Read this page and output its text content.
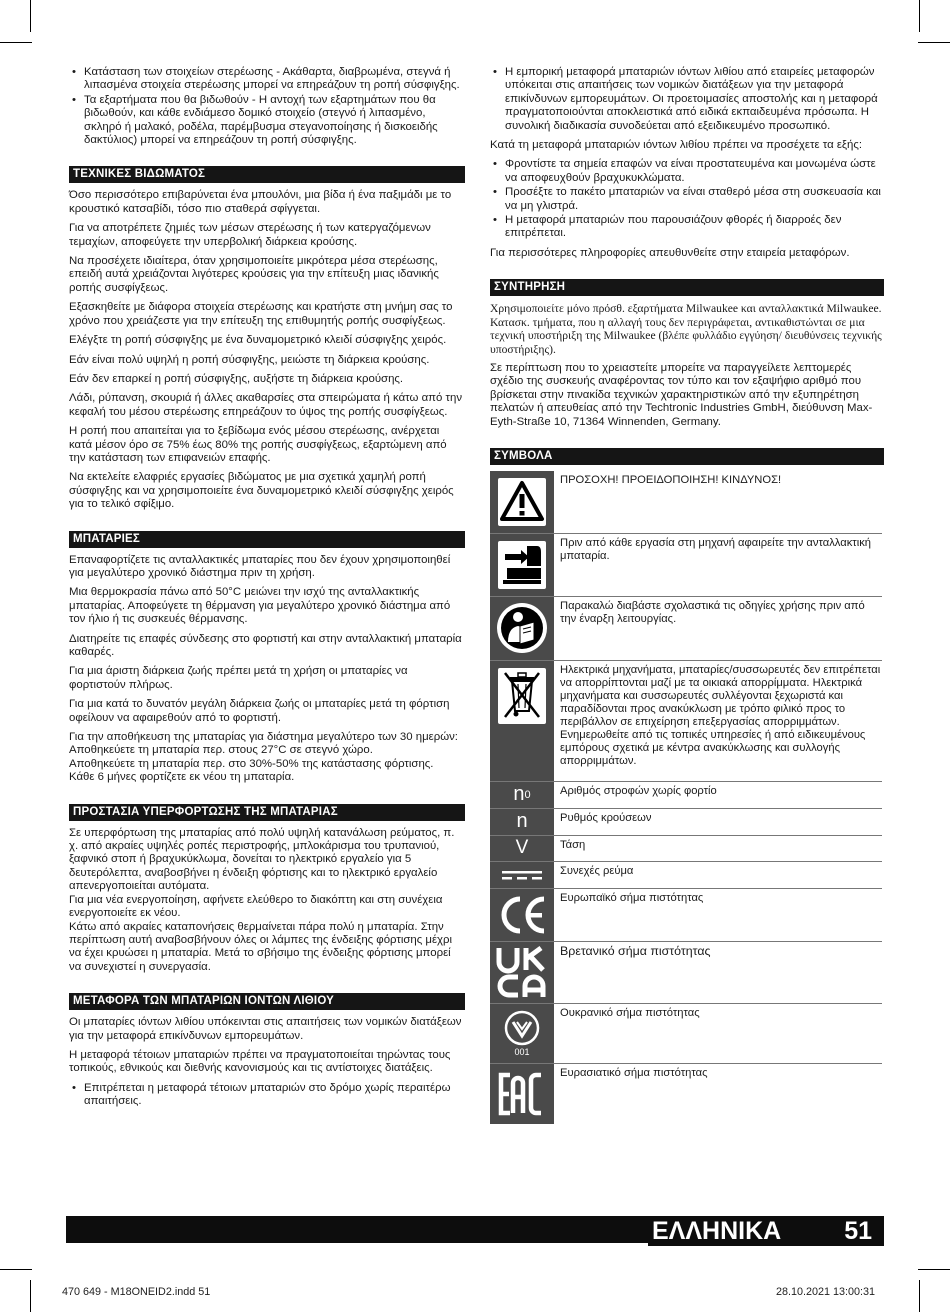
• Κατάσταση των στοιχείων στερέωσης - Ακάθαρτα, διαβρωμένα, στεγνά ή λιπασμένα στοιχεία στερέωσης μπορεί να επηρεάζουν τη ροπή σύσφιγξης.
• Τα εξαρτήματα που θα βιδωθούν - Η αντοχή των εξαρτημάτων που θα βιδωθούν, και κάθε ενδιάμεσο δομικό στοιχείο (στεγνό ή λιπασμένο, σκληρό ή μαλακό, ροδέλα, παρέμβυσμα στεγανοποίησης ή δισκοειδής δακτύλιος) μπορεί να επηρεάζουν τη ροπή σύσφιγξης.
ΤΕΧΝΙΚΕΣ ΒΙΔΩΜΑΤΟΣ

Όσο περισσότερο επιβαρύνεται ένα μπουλόνι, μια βίδα ή ένα παξιμάδι με το κρουστικό κατσαβίδι, τόσο πιο σταθερά σφίγγεται.

Για να αποτρέπετε ζημιές των μέσων στερέωσης ή των κατεργαζόμενων τεμαχίων, αποφεύγετε την υπερβολική διάρκεια κρούσης.

Να προσέχετε ιδιαίτερα, όταν χρησιμοποιείτε μικρότερα μέσα στερέωσης, επειδή αυτά χρειάζονται λιγότερες κρούσεις για την επίτευξη μιας ιδανικής ροπής συσφίγξεως.

Εξασκηθείτε με διάφορα στοιχεία στερέωσης και κρατήστε στη μνήμη σας το χρόνο που χρειάζεστε για την επίτευξη της επιθυμητής ροπής συσφίγξεως.

Ελέγξτε τη ροπή σύσφιγξης με ένα δυναμομετρικό κλειδί σύσφιγξης χειρός.

Εάν είναι πολύ υψηλή η ροπή σύσφιγξης, μειώστε τη διάρκεια κρούσης.

Εάν δεν επαρκεί η ροπή σύσφιγξης, αυξήστε τη διάρκεια κρούσης.

Λάδι, ρύπανση, σκουριά ή άλλες ακαθαρσίες στα σπειρώματα ή κάτω από την κεφαλή του μέσου στερέωσης επηρεάζουν το ύψος της ροπής συσφίγξεως.

Η ροπή που απαιτείται για το ξεβίδωμα ενός μέσου στερέωσης, ανέρχεται κατά μέσον όρο σε 75% έως 80% της ροπής συσφίγξεως, εξαρτώμενη από την κατάσταση των επιφανειών επαφής.

Να εκτελείτε ελαφριές εργασίες βιδώματος με μια σχετικά χαμηλή ροπή σύσφιγξης και να χρησιμοποιείτε ένα δυναμομετρικό κλειδί σύσφιγξης χειρός για το τελικό σφίξιμο.

ΜΠΑΤΑΡΙΕΣ

Επαναφορτίζετε τις ανταλλακτικές μπαταρίες που δεν έχουν χρησιμοποιηθεί για μεγαλύτερο χρονικό διάστημα πριν τη χρήση.

Μια θερμοκρασία πάνω από 50°C μειώνει την ισχύ της ανταλλακτικής μπαταρίας. Αποφεύγετε τη θέρμανση για μεγαλύτερο χρονικό διάστημα από τον ήλιο ή τις συσκευές θέρμανσης.

Διατηρείτε τις επαφές σύνδεσης στο φορτιστή και στην ανταλλακτική μπαταρία καθαρές.

Για μια άριστη διάρκεια ζωής πρέπει μετά τη χρήση οι μπαταρίες να φορτιστούν πλήρως.

Για μια κατά το δυνατόν μεγάλη διάρκεια ζωής οι μπαταρίες μετά τη φόρτιση οφείλουν να αφαιρεθούν από το φορτιστή.

Για την αποθήκευση της μπαταρίας για διάστημα μεγαλύτερο των 30 ημερών:

Αποθηκεύετε τη μπαταρία περ. στους 27°C σε στεγνό χώρο.

Αποθηκεύετε τη μπαταρία περ. στο 30%-50% της κατάστασης φόρτισης.

Κάθε 6 μήνες φορτίζετε εκ νέου τη μπαταρία.

ΠΡΟΣΤΑΣΙΑ ΥΠΕΡΦΟΡΤΩΣΗΣ ΤΗΣ ΜΠΑΤΑΡΙΑΣ

Σε υπερφόρτωση της μπαταρίας από πολύ υψηλή κατανάλωση ρεύματος, π. χ. από ακραίες υψηλές ροπές περιστροφής, μπλοκάρισμα του τρυπανιού, ξαφνικό στοπ ή βραχυκύκλωμα, δονείται το ηλεκτρικό εργαλείο για 5 δευτερόλεπτα, αναβοσβήνει η ένδειξη φόρτισης και το ηλεκτρικό εργαλείο απενεργοποιείται αυτόματα.

Για μια νέα ενεργοποίηση, αφήνετε ελεύθερο το διακόπτη και στη συνέχεια ενεργοποιείτε εκ νέου.

Κάτω από ακραίες καταπονήσεις θερμαίνεται πάρα πολύ η μπαταρία. Στην περίπτωση αυτή αναβοσβήνουν όλες οι λάμπες της ένδειξης φόρτισης μέχρι να έχει κρυώσει η μπαταρία. Μετά το σβήσιμο της ένδειξης φόρτισης μπορεί να συνεχιστεί η συνεργασία.

ΜΕΤΑΦΟΡΑ ΤΩΝ ΜΠΑΤΑΡΙΩΝ ΙΟΝΤΩΝ ΛΙΘΙΟΥ

Οι μπαταρίες ιόντων λιθίου υπόκεινται στις απαιτήσεις των νομικών διατάξεων για την μεταφορά επικίνδυνων εμπορευμάτων.

Η μεταφορά τέτοιων μπαταριών πρέπει να πραγματοποιείται τηρώντας τους τοπικούς, εθνικούς και διεθνής κανονισμούς και τις αντίστοιχες διατάξεις.

• Επιτρέπεται η μεταφορά τέτοιων μπαταριών στο δρόμο χωρίς περαιτέρω απαιτήσεις.
• Η εμπορική μεταφορά μπαταριών ιόντων λιθίου από εταιρείες μεταφορών υπόκειται στις απαιτήσεις των νομικών διατάξεων για την μεταφορά επικίνδυνων εμπορευμάτων. Οι προετοιμασίες αποστολής και η μεταφορά πραγματοποιούνται αποκλειστικά από ειδικά εκπαιδευμένα πρόσωπα. Η συνολική διαδικασία συνοδεύεται από εξειδικευμένο προσωπικό.

Κατά τη μεταφορά μπαταριών ιόντων λιθίου πρέπει να προσέχετε τα εξής:

• Φροντίστε τα σημεία επαφών να είναι προστατευμένα και μονωμένα ώστε να αποφευχθούν βραχυκυκλώματα.
• Προσέξτε το πακέτο μπαταριών να είναι σταθερό μέσα στη συσκευασία και να μη γλιστρά.
• Η μεταφορά μπαταριών που παρουσιάζουν φθορές ή διαρροές δεν επιτρέπεται.

Για περισσότερες πληροφορίες απευθυνθείτε στην εταιρεία μεταφόρων.

ΣΥΝΤΗΡΗΣΗ

Χρησιμοποιείτε μόνο πρόσθ. εξαρτήματα Milwaukee και ανταλλακτικά Milwaukee. Κατασκ. τμήματα, που η αλλαγή τους δεν περιγράφεται, αντικαθιστώνται σε μια τεχνική υποστήριξη της Milwaukee (βλέπε φυλλάδιο εγγύηση/ διευθύνσεις τεχνικής υποστήριξης).

Σε περίπτωση που το χρειαστείτε μπορείτε να παραγγείλετε λεπτομερές σχέδιο της συσκευής αναφέροντας τον τύπο και τον εξαψήφιο αριθμό που βρίσκεται στην πινακίδα τεχνικών χαρακτηριστικών από την εξυπηρέτηση πελατών ή απευθείας από την Techtronic Industries GmbH, διεύθυνση Max-Eyth-Straße 10, 71364 Winnenden, Germany.

ΣΥΜΒΟΛΑ
ΠΡΟΣΟΧΗ! ΠΡΟΕΙΔΟΠΟΙΗΣΗ! ΚΙΝΔΥΝΟΣ!
Πριν από κάθε εργασία στη μηχανή αφαιρείτε την ανταλλακτική μπαταρία.
Παρακαλώ διαβάστε σχολαστικά τις οδηγίες χρήσης πριν από την έναρξη λειτουργίας.
Ηλεκτρικά μηχανήματα, μπαταρίες/συσσωρευτές δεν επιτρέπεται να απορρίπτονται μαζί με τα οικιακά απορρίμματα. Ηλεκτρικά μηχανήματα και συσσωρευτές συλλέγονται ξεχωριστά και παραδίδονται προς ανακύκλωση με τρόπο φιλικό προς το περιβάλλον σε επιχείρηση επεξεργασίας απορριμμάτων. Ενημερωθείτε από τις τοπικές υπηρεσίες ή από ειδικευμένους εμπόρους σχετικά με κέντρα ανακύκλωσης και συλλογής απορριμμάτων.
n 0	Αριθμός στροφών χωρίς φορτίο
n	Ρυθμός κρούσεων
V	Τάση
Συνεχές ρεύμα
Ευρωπαϊκό σήμα πιστότητας
Βρετανικό σήμα πιστότητας
001
Ουκρανικό σήμα πιστότητας
Ευρασιατικό σήμα πιστότητας
ΕΛΛΗΝΙΚΑ	51
470 649 - M18ONEID2.indd 51	28.10.2021 13:00:31
